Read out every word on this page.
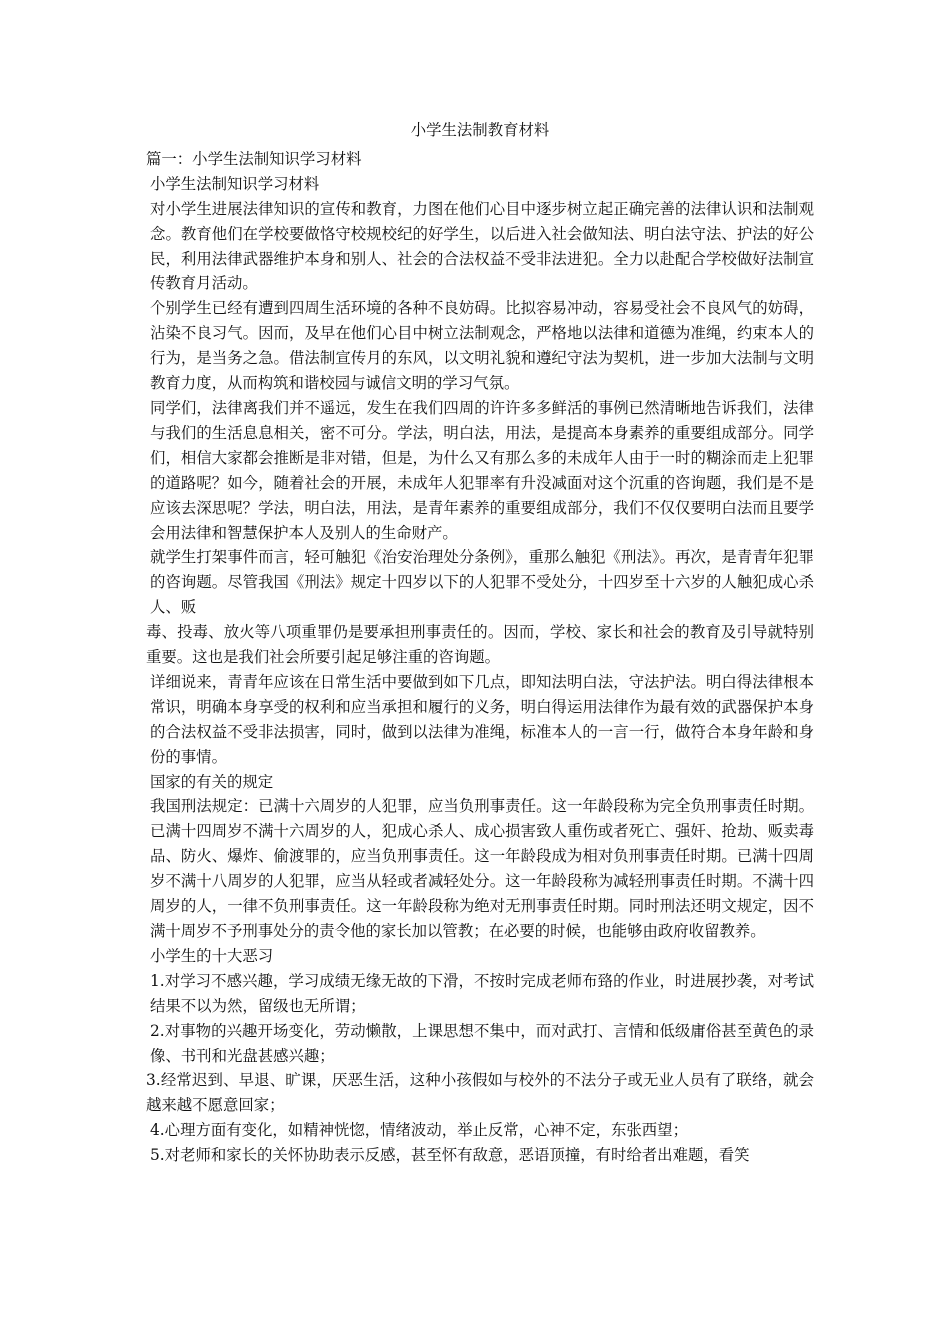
小学生法制教育材料

篇一：小学生法制知识学习材料

小学生法制知识学习材料

对小学生进展法律知识的宣传和教育，力图在他们心目中逐步树立起正确完善的法律认识和法制观念。教育他们在学校要做恪守校规校纪的好学生，以后进入社会做知法、明白法守法、护法的好公民，利用法律武器维护本身和别人、社会的合法权益不受非法进犯。全力以赴配合学校做好法制宣传教育月活动。

个别学生已经有遭到四周生活环境的各种不良妨碍。比拟容易冲动，容易受社会不良风气的妨碍，沾染不良习气。因而，及早在他们心目中树立法制观念，严格地以法律和道德为准绳，约束本人的行为，是当务之急。借法制宣传月的东风，以文明礼貌和遵纪守法为契机，进一步加大法制与文明教育力度，从而构筑和谐校园与诚信文明的学习气氛。

同学们，法律离我们并不遥远，发生在我们四周的许许多多鲜活的事例已然清晰地告诉我们，法律与我们的生活息息相关，密不可分。学法，明白法，用法，是提高本身素养的重要组成部分。同学们，相信大家都会推断是非对错，但是，为什么又有那么多的未成年人由于一时的糊涂而走上犯罪的道路呢？如今，随着社会的开展，未成年人犯罪率有升没减面对这个沉重的咨询题，我们是不是应该去深思呢？学法，明白法，用法，是青年素养的重要组成部分，我们不仅仅要明白法而且要学会用法律和智慧保护本人及别人的生命财产。

就学生打架事件而言，轻可触犯《治安治理处分条例》，重那么触犯《刑法》。再次，是青青年犯罪的咨询题。尽管我国《刑法》规定十四岁以下的人犯罪不受处分，十四岁至十六岁的人触犯成心杀人、贩

毒、投毒、放火等八项重罪仍是要承担刑事责任的。因而，学校、家长和社会的教育及引导就特别重要。这也是我们社会所要引起足够注重的咨询题。

详细说来，青青年应该在日常生活中要做到如下几点，即知法明白法，守法护法。明白得法律根本常识，明确本身享受的权利和应当承担和履行的义务，明白得运用法律作为最有效的武器保护本身的合法权益不受非法损害，同时，做到以法律为准绳，标准本人的一言一行，做符合本身年龄和身份的事情。

国家的有关的规定

我国刑法规定：已满十六周岁的人犯罪，应当负刑事责任。这一年龄段称为完全负刑事责任时期。已满十四周岁不满十六周岁的人，犯成心杀人、成心损害致人重伤或者死亡、强奸、抢劫、贩卖毒品、防火、爆炸、偷渡罪的，应当负刑事责任。这一年龄段成为相对负刑事责任时期。已满十四周岁不满十八周岁的人犯罪，应当从轻或者减轻处分。这一年龄段称为减轻刑事责任时期。不满十四周岁的人，一律不负刑事责任。这一年龄段称为绝对无刑事责任时期。同时刑法还明文规定，因不满十周岁不予刑事处分的责令他的家长加以管教；在必要的时候，也能够由政府收留教养。

小学生的十大恶习

1.对学习不感兴趣，学习成绩无缘无故的下滑，不按时完成老师布臵的作业，时进展抄袭，对考试结果不以为然，留级也无所谓；

2.对事物的兴趣开场变化，劳动懒散，上课思想不集中，而对武打、言情和低级庸俗甚至黄色的录像、书刊和光盘甚感兴趣；

3.经常迟到、早退、旷课，厌恶生活，这种小孩假如与校外的不法分子或无业人员有了联络，就会越来越不愿意回家；

4.心理方面有变化，如精神恍惚，情绪波动，举止反常，心神不定，东张西望；

5.对老师和家长的关怀协助表示反感，甚至怀有敌意，恶语顶撞，有时给者出难题，看笑
